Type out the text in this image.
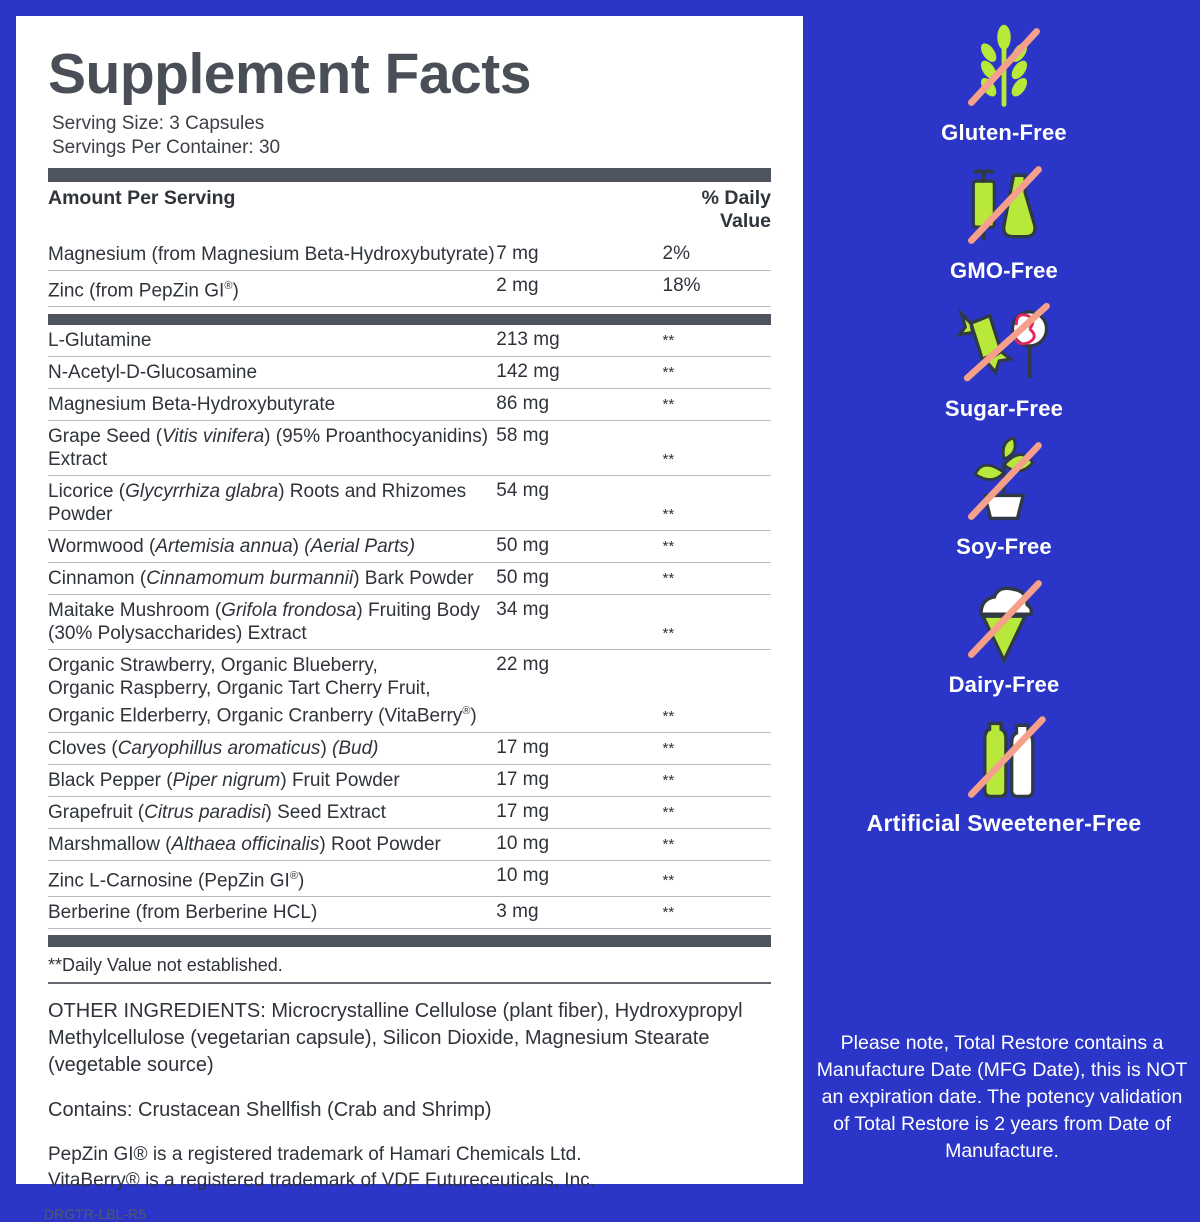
Supplement Facts
Serving Size: 3 Capsules
Servings Per Container: 30
Amount Per Serving		% Daily Value
Magnesium (from Magnesium Beta-Hydroxybutyrate)	7 mg	2%
Zinc (from PepZin GI®)	2 mg	18%
L-Glutamine	213 mg	**
N-Acetyl-D-Glucosamine	142 mg	**
Magnesium Beta-Hydroxybutyrate	86 mg	**
Grape Seed (Vitis vinifera) (95% Proanthocyanidins) Extract	58 mg	**
Licorice (Glycyrrhiza glabra) Roots and Rhizomes Powder	54 mg	**
Wormwood (Artemisia annua) (Aerial Parts)	50 mg	**
Cinnamon (Cinnamomum burmannii) Bark Powder	50 mg	**
Maitake Mushroom (Grifola frondosa) Fruiting Body
(30% Polysaccharides) Extract	34 mg	**
Organic Strawberry, Organic Blueberry,
Organic Raspberry, Organic Tart Cherry Fruit,
Organic Elderberry, Organic Cranberry (VitaBerry®)	22 mg	**
Cloves (Caryophillus aromaticus) (Bud)	17 mg	**
Black Pepper (Piper nigrum) Fruit Powder	17 mg	**
Grapefruit (Citrus paradisi) Seed Extract	17 mg	**
Marshmallow (Althaea officinalis) Root Powder	10 mg	**
Zinc L-Carnosine (PepZin GI®)	10 mg	**
Berberine (from Berberine HCL)	3 mg	**
**Daily Value not established.
OTHER INGREDIENTS: Microcrystalline Cellulose (plant fiber), Hydroxypropyl Methylcellulose (vegetarian capsule), Silicon Dioxide, Magnesium Stearate (vegetable source)
Contains: Crustacean Shellfish (Crab and Shrimp)
PepZin GI® is a registered trademark of Hamari Chemicals Ltd.
VitaBerry® is a registered trademark of VDF Futureceuticals, Inc.
DRGTR-LBL-R5
Gluten-Free
GMO-Free
Sugar-Free
Soy-Free
Dairy-Free
Artificial Sweetener-Free
Please note, Total Restore contains a Manufacture Date (MFG Date), this is NOT an expiration date. The potency validation of Total Restore is 2 years from Date of Manufacture.
